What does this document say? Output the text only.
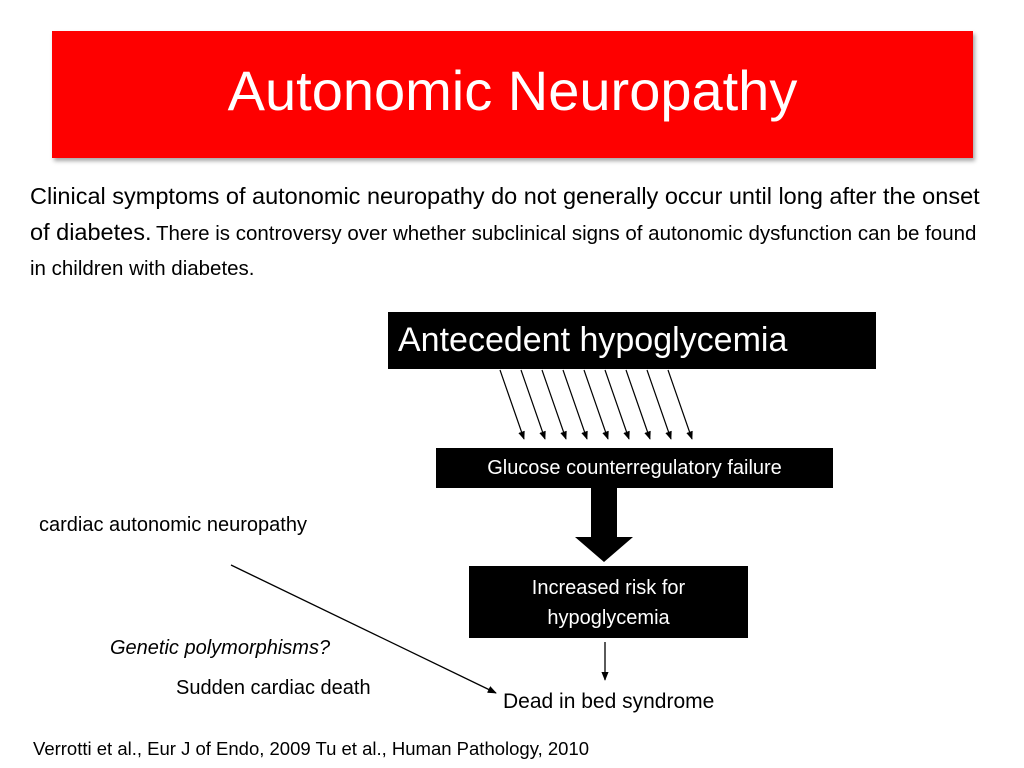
Autonomic Neuropathy
Clinical symptoms of autonomic neuropathy do not generally occur until long after the onset of diabetes. There is controversy over whether subclinical signs of autonomic dysfunction can be found in children with diabetes.
Antecedent hypoglycemia
Glucose counterregulatory failure
Increased risk for hypoglycemia
cardiac autonomic neuropathy
Genetic polymorphisms?
Sudden cardiac death
Dead in bed syndrome
Verrotti et al., Eur J of Endo, 2009 Tu et al., Human Pathology, 2010
